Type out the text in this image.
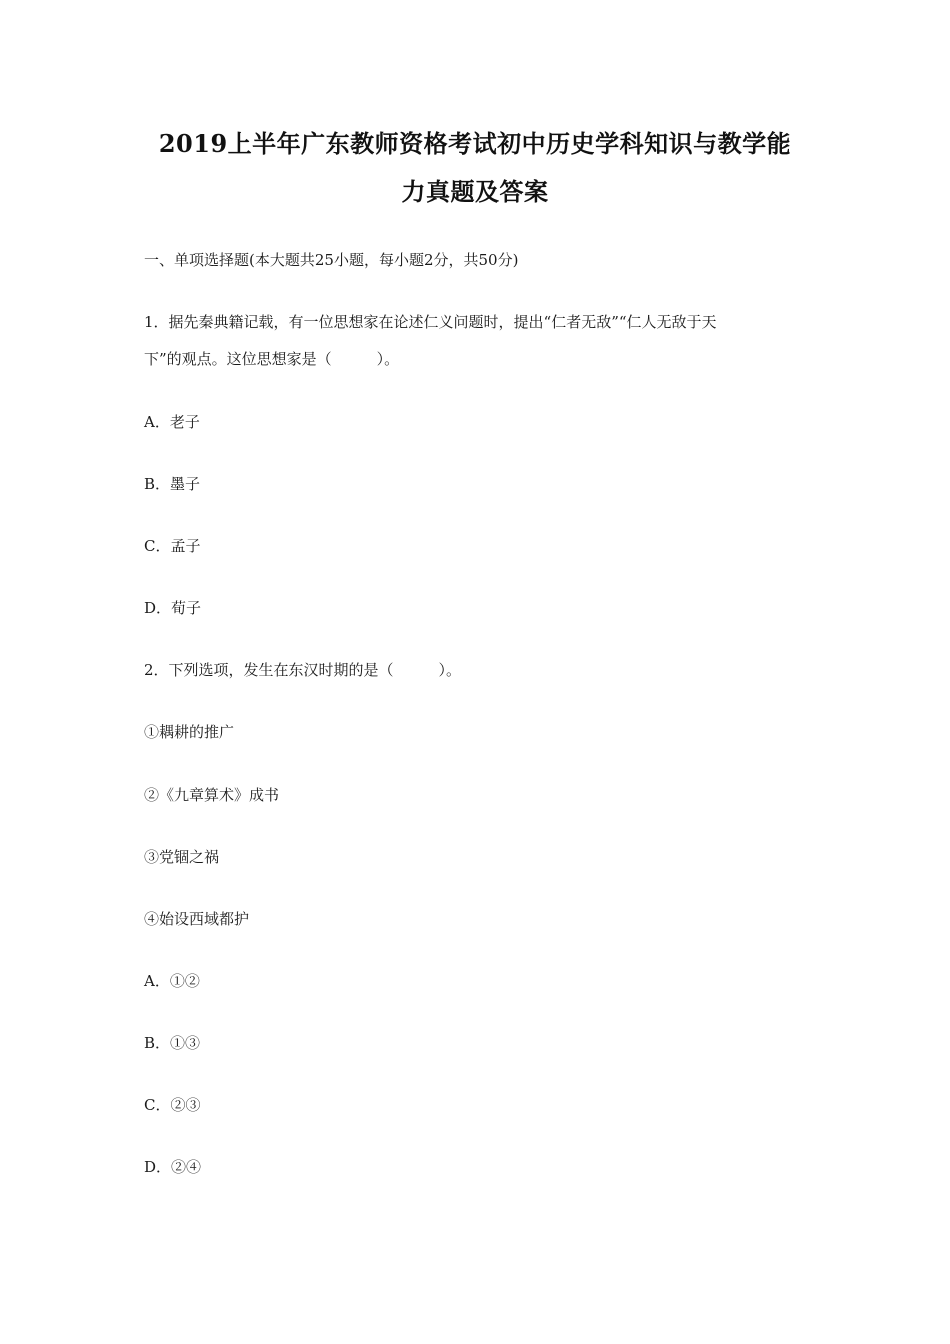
2019上半年广东教师资格考试初中历史学科知识与教学能
力真题及答案
一、单项选择题(本大题共25小题，每小题2分，共50分)
1．据先秦典籍记载，有一位思想家在论述仁义问题时，提出“仁者无敌”“仁人无敌于天
下”的观点。这位思想家是（　　　）。
A．老子
B．墨子
C．孟子
D．荀子
2．下列选项，发生在东汉时期的是（　　　）。
①耦耕的推广
②《九章算术》成书
③党锢之祸
④始设西域都护
A．①②
B．①③
C．②③
D．②④
